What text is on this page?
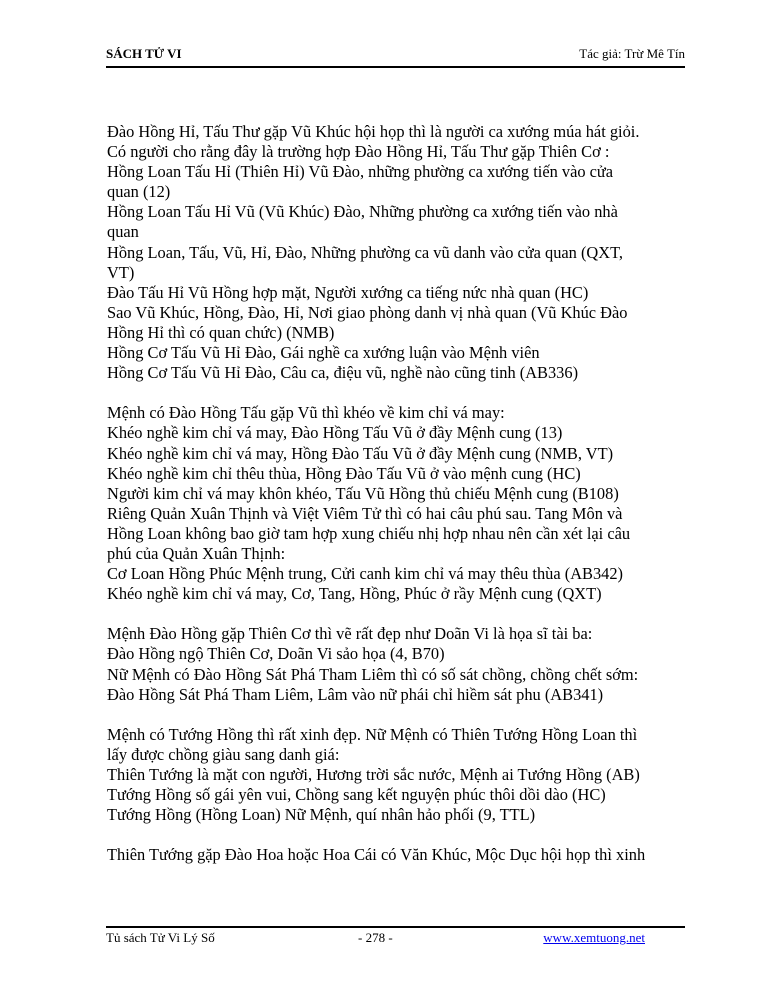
SÁCH TỬ VI	Tác giả: Trừ Mê Tín
Đào Hồng Hỉ, Tấu Thư gặp Vũ Khúc hội họp thì là người ca xướng múa hát giỏi.
Có người cho rằng đây là trường hợp Đào Hồng Hỉ, Tấu Thư gặp Thiên Cơ :
Hồng Loan Tấu Hỉ (Thiên Hỉ) Vũ Đào, những phường ca xướng tiến vào cửa
quan (12)
Hồng Loan Tấu Hỉ Vũ (Vũ Khúc) Đào, Những phường ca xướng tiến vào nhà
quan
Hồng Loan, Tấu, Vũ, Hỉ, Đào, Những phường ca vũ danh vào cửa quan (QXT,
VT)
Đào Tấu Hỉ Vũ Hồng hợp mặt, Người xướng ca tiếng nức nhà quan (HC)
Sao Vũ Khúc, Hồng, Đào, Hỉ, Nơi giao phòng danh vị nhà quan (Vũ Khúc Đào
Hồng Hỉ thì có quan chức) (NMB)
Hồng Cơ Tấu Vũ Hỉ Đào, Gái nghề ca xướng luận vào Mệnh viên
Hồng Cơ Tấu Vũ Hỉ Đào, Câu ca, điệu vũ, nghề nào cũng tinh (AB336)
Mệnh có Đào Hồng Tấu gặp Vũ thì khéo về kim chỉ vá may:
Khéo nghề kim chỉ vá may, Đào Hồng Tấu Vũ ở đầy Mệnh cung (13)
Khéo nghề kim chỉ vá may, Hồng Đào Tấu Vũ ở đầy Mệnh cung (NMB, VT)
Khéo nghề kim chỉ thêu thùa, Hồng Đào Tấu Vũ ở vào mệnh cung (HC)
Người kim chỉ vá may khôn khéo, Tấu Vũ Hồng thủ chiếu Mệnh cung (B108)
Riêng Quản Xuân Thịnh và Việt Viêm Tử thì có hai câu phú sau. Tang Môn và
Hồng Loan không bao giờ tam hợp xung chiếu nhị hợp nhau nên cần xét lại câu
phú của Quản Xuân Thịnh:
Cơ Loan Hồng Phúc Mệnh trung, Cửi canh kim chỉ vá may thêu thùa (AB342)
Khéo nghề kim chỉ vá may, Cơ, Tang, Hồng, Phúc ở rầy Mệnh cung (QXT)
Mệnh Đào Hồng gặp Thiên Cơ thì vẽ rất đẹp như Doãn Vi là họa sĩ tài ba:
Đào Hồng ngộ Thiên Cơ, Doãn Vi sảo họa (4, B70)
Nữ Mệnh có Đào Hồng Sát Phá Tham Liêm thì có số sát chồng, chồng chết sớm:
Đào Hồng Sát Phá Tham Liêm, Lâm vào nữ phái chỉ hiềm sát phu (AB341)
Mệnh có Tướng Hồng thì rất xinh đẹp. Nữ Mệnh có Thiên Tướng Hồng Loan thì
lấy được chồng giàu sang danh giá:
Thiên Tướng là mặt con người, Hương trời sắc nước, Mệnh ai Tướng Hồng (AB)
Tướng Hồng số gái yên vui, Chồng sang kết nguyện phúc thôi dồi dào (HC)
Tướng Hồng (Hồng Loan) Nữ Mệnh, quí nhân hảo phối (9, TTL)
Thiên Tướng gặp Đào Hoa hoặc Hoa Cái có Văn Khúc, Mộc Dục hội họp thì xinh
Tủ sách Tử Vi Lý Số	- 278 -	www.xemtuong.net
